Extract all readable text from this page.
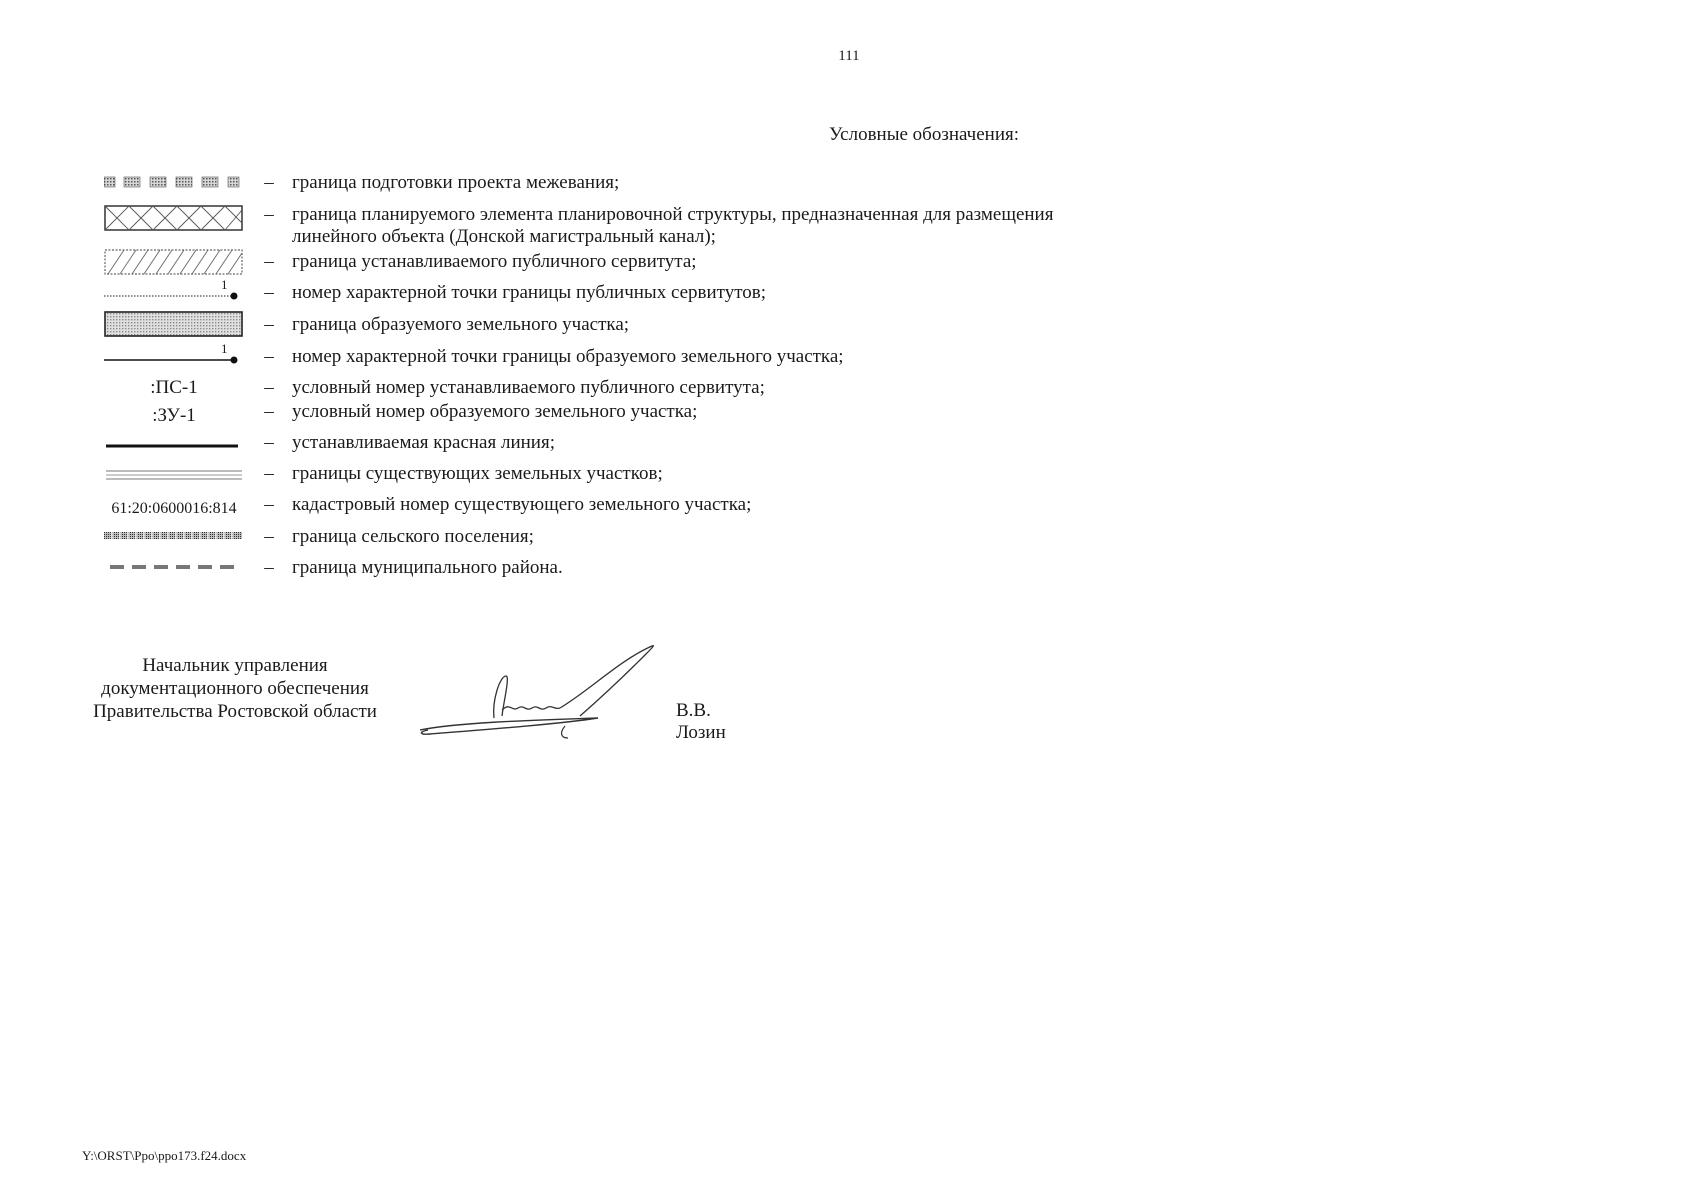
111
Условные обозначения:
– граница подготовки проекта межевания;
– граница планируемого элемента планировочной структуры, предназначенная для размещения
линейного объекта (Донской магистральный канал);
– граница устанавливаемого публичного сервитута;
1 – номер характерной точки границы публичных сервитутов;
– граница образуемого земельного участка;
1 – номер характерной точки границы образуемого земельного участка;
:ПС-1	– условный номер устанавливаемого публичного сервитута;
:ЗУ-1	– условный номер образуемого земельного участка;
– устанавливаемая красная линия;
– границы существующих земельных участков;
61:20:0600016:814	– кадастровый номер существующего земельного участка;
– граница сельского поселения;
– граница муниципального района.
Начальник управления
документационного обеспечения
Правительства Ростовской области	В.В. Лозин
Y:\ORST\Ppo\ppo173.f24.docx
